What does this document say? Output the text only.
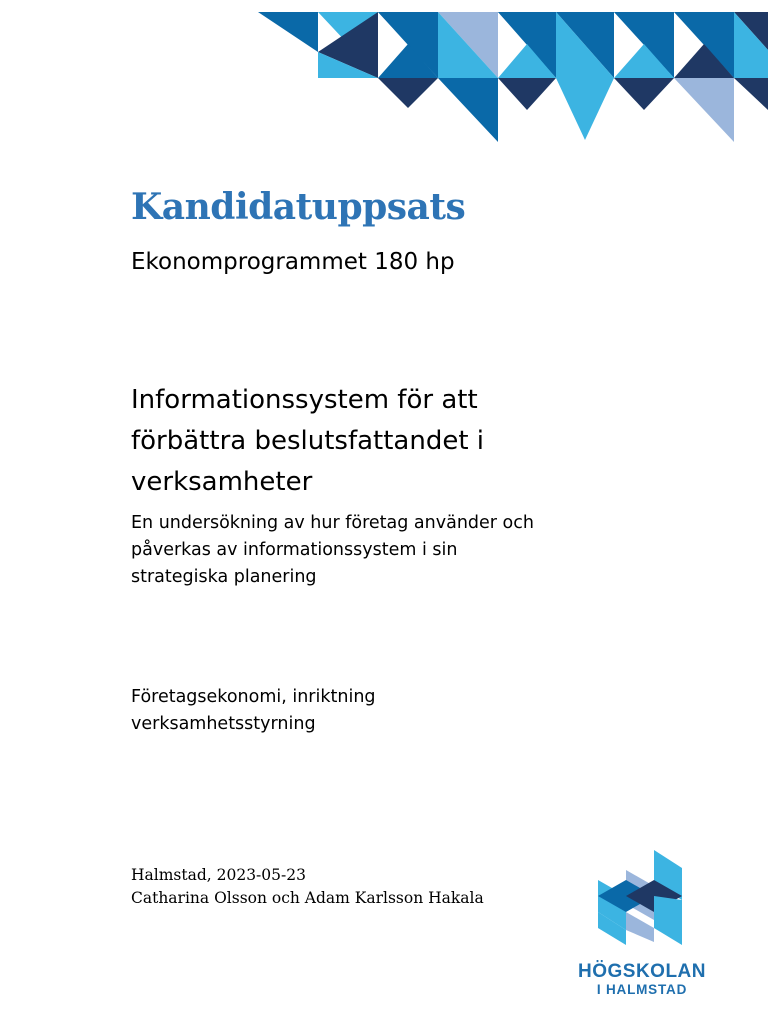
Kandidatuppsats

Ekonomprogrammet 180 hp

Informationssystem för att
förbättra beslutsfattandet i
verksamheter

En undersökning av hur företag använder och
påverkas av informationssystem i sin
strategiska planering

Företagsekonomi, inriktning
verksamhetsstyrning

Halmstad, 2023-05-23

Catharina Olsson och Adam Karlsson Hakala

HÖGSKOLAN
I HALMSTAD
